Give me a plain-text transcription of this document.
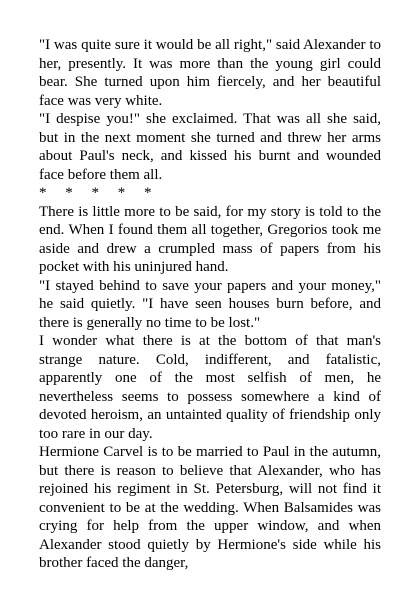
"I was quite sure it would be all right," said Alexander to her, presently. It was more than the young girl could bear. She turned upon him fiercely, and her beautiful face was very white.

"I despise you!" she exclaimed. That was all she said, but in the next moment she turned and threw her arms about Paul's neck, and kissed his burnt and wounded face before them all.

*     *     *     *     *

There is little more to be said, for my story is told to the end. When I found them all together, Gregorios took me aside and drew a crumpled mass of papers from his pocket with his uninjured hand.

"I stayed behind to save your papers and your money," he said quietly. "I have seen houses burn before, and there is generally no time to be lost."

I wonder what there is at the bottom of that man's strange nature. Cold, indifferent, and fatalistic, apparently one of the most selfish of men, he nevertheless seems to possess somewhere a kind of devoted heroism, an untainted quality of friendship only too rare in our day.

Hermione Carvel is to be married to Paul in the autumn, but there is reason to believe that Alexander, who has rejoined his regiment in St. Petersburg, will not find it convenient to be at the wedding. When Balsamides was crying for help from the upper window, and when Alexander stood quietly by Hermione's side while his brother faced the danger,
